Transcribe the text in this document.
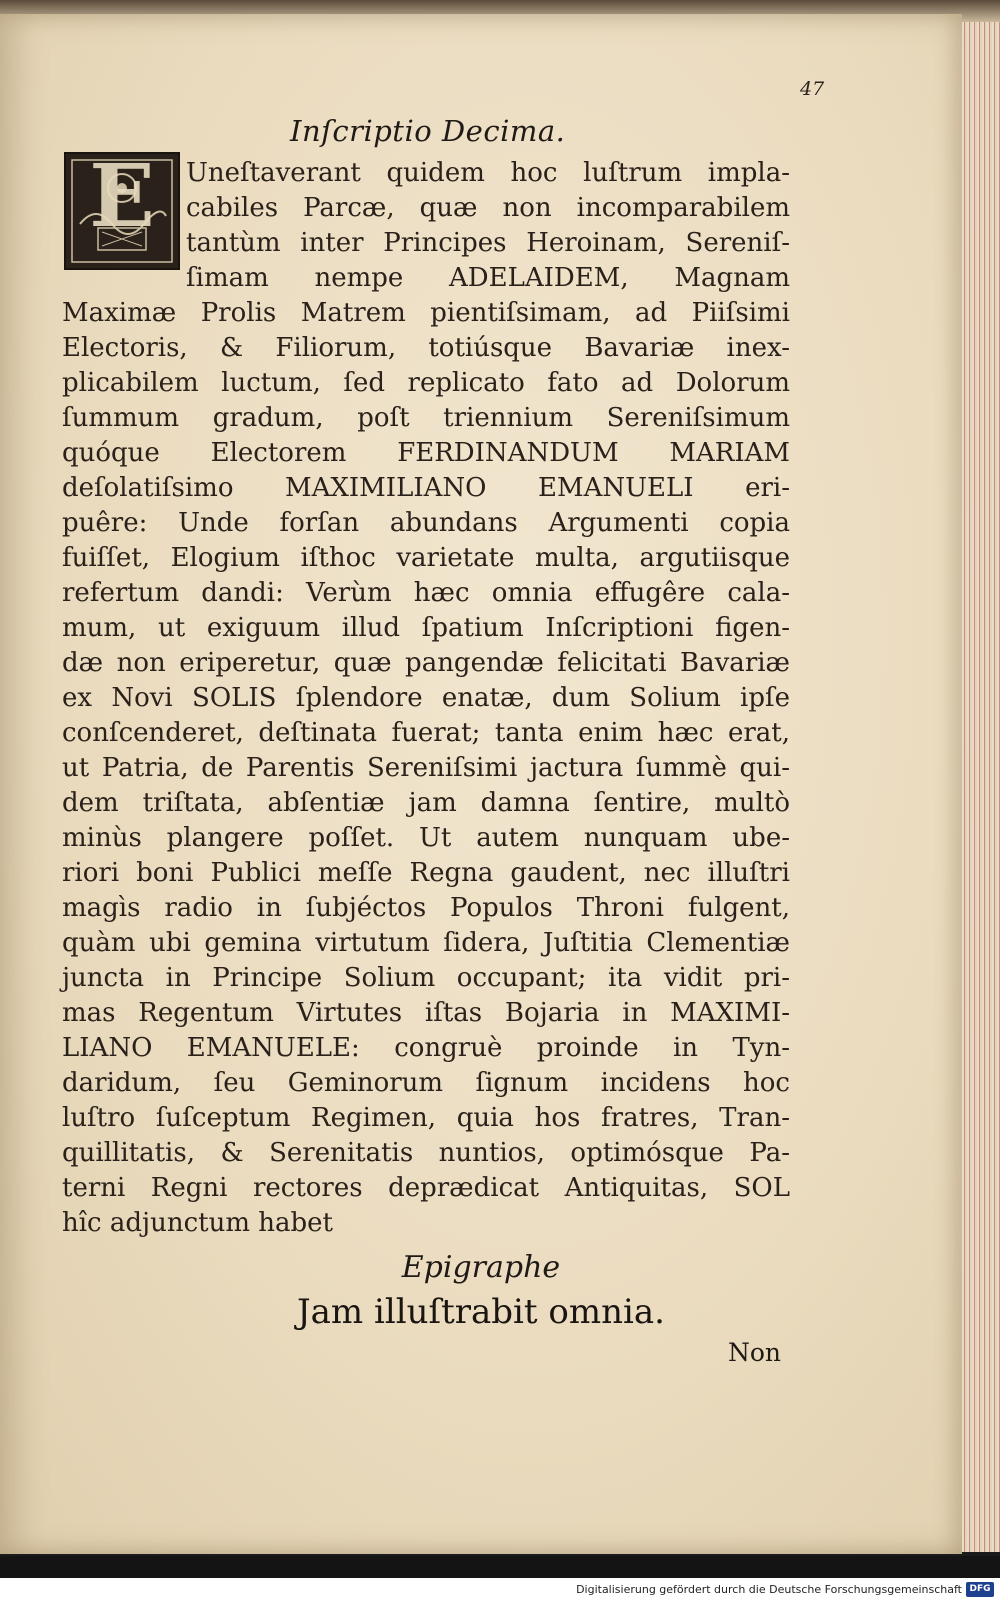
47
Inſcriptio Decima.
E Uneſtaverant quidem hoc luſtrum impla-
cabiles Parcæ, quæ non incomparabilem
tantùm inter Principes Heroinam, Sereniſ-
ſimam nempe ADELAIDEM, Magnam
Maximæ Prolis Matrem pientiſsimam, ad Piiſsimi
Electoris, & Filiorum, totiúsque Bavariæ inex-
plicabilem luctum, ſed replicato fato ad Dolorum
ſummum gradum, poſt triennium Sereniſsimum
quóque Electorem FERDINANDUM MARIAM
deſolatiſsimo MAXIMILIANO EMANUELI eri-
puêre: Unde forſan abundans Argumenti copia
fuiſſet, Elogium iſthoc varietate multa, argutiisque
refertum dandi: Verùm hæc omnia effugêre cala-
mum, ut exiguum illud ſpatium Inſcriptioni figen-
dæ non eriperetur, quæ pangendæ felicitati Bavariæ
ex Novi SOLIS ſplendore enatæ, dum Solium ipſe
conſcenderet, deſtinata fuerat; tanta enim hæc erat,
ut Patria, de Parentis Sereniſsimi jactura ſummè qui-
dem triſtata, abſentiæ jam damna ſentire, multò
minùs plangere poſſet. Ut autem nunquam ube-
riori boni Publici meſſe Regna gaudent, nec illuſtri
magìs radio in ſubjéctos Populos Throni fulgent,
quàm ubi gemina virtutum ſidera, Juſtitia Clementiæ
juncta in Principe Solium occupant; ita vidit pri-
mas Regentum Virtutes iſtas Bojaria in MAXIMI-
LIANO EMANUELE: congruè proinde in Tyn-
daridum, ſeu Geminorum ſignum incidens hoc
luſtro ſuſceptum Regimen, quia hos fratres, Tran-
quillitatis, & Serenitatis nuntios, optimósque Pa-
terni Regni rectores deprædicat Antiquitas, SOL
hîc adjunctum habet
Epigraphe
Jam illuſtrabit omnia.
Non
Digitalisierung gefördert durch die Deutsche Forschungsgemeinschaft DFG
